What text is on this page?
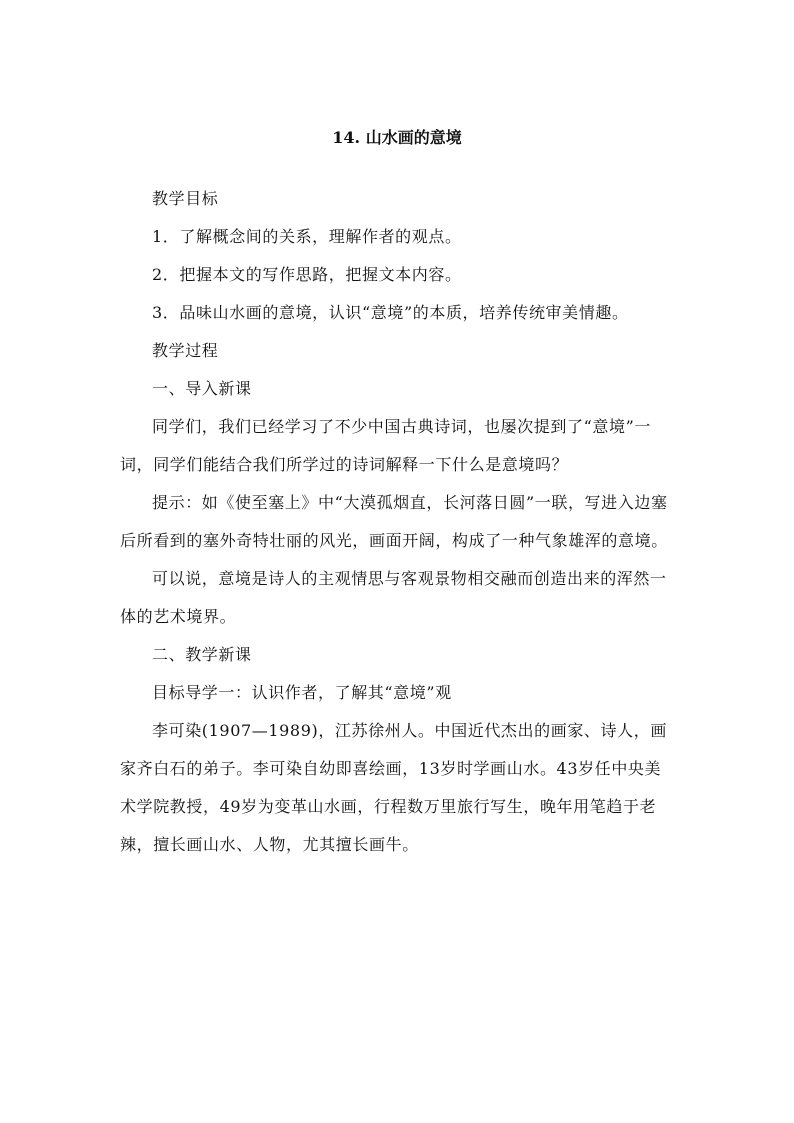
14. 山水画的意境

教学目标

1．了解概念间的关系，理解作者的观点。

2．把握本文的写作思路，把握文本内容。

3．品味山水画的意境，认识“意境”的本质，培养传统审美情趣。

教学过程

一、导入新课

同学们，我们已经学习了不少中国古典诗词，也屡次提到了“意境”一词，同学们能结合我们所学过的诗词解释一下什么是意境吗？

提示：如《使至塞上》中“大漠孤烟直，长河落日圆”一联，写进入边塞后所看到的塞外奇特壮丽的风光，画面开阔，构成了一种气象雄浑的意境。

可以说，意境是诗人的主观情思与客观景物相交融而创造出来的浑然一体的艺术境界。

二、教学新课

目标导学一：认识作者，了解其“意境”观

李可染(1907—1989)，江苏徐州人。中国近代杰出的画家、诗人，画家齐白石的弟子。李可染自幼即喜绘画，13岁时学画山水。43岁任中央美术学院教授，49岁为变革山水画，行程数万里旅行写生，晚年用笔趋于老辣，擅长画山水、人物，尤其擅长画牛。
